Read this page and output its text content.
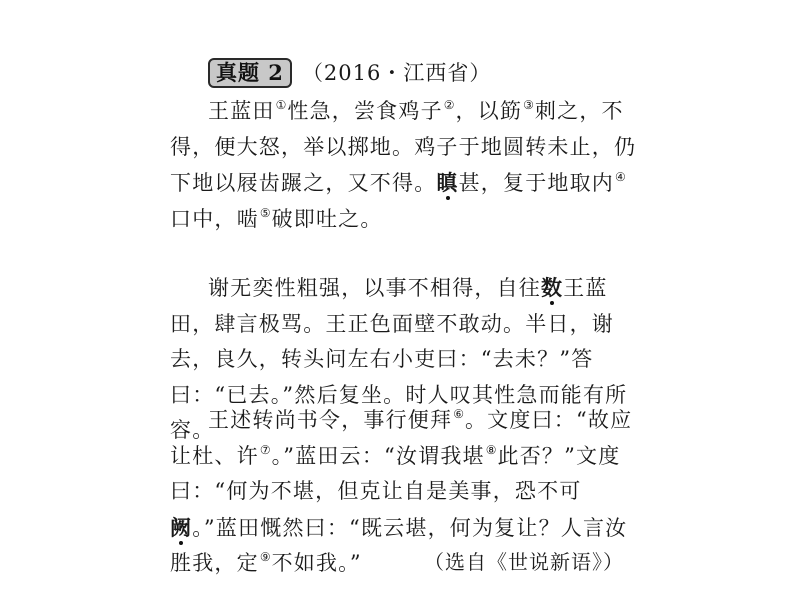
真题 2 （2016・江西省）

王蓝田①性急，尝食鸡子②，以筯③刺之，不得，便大怒，举以掷地。鸡子于地圆转未止，仍下地以屐齿蹍之，又不得。瞋甚，复于地取内④口中，啮⑤破即吐之。

谢无奕性粗强，以事不相得，自往数王蓝田，肆言极骂。王正色面壁不敢动。半日，谢去，良久，转头问左右小吏曰：“去未？”答曰：“已去。”然后复坐。时人叹其性急而能有所容。

王述转尚书令，事行便拜⑥。文度曰：“故应让杜、许⑦。”蓝田云：“汝谓我堪⑧此否？”文度曰：“何为不堪，但克让自是美事，恐不可阙。”蓝田慨然曰：“既云堪，何为复让？人言汝胜我，定⑨不如我。”	（选自《世说新语》）
